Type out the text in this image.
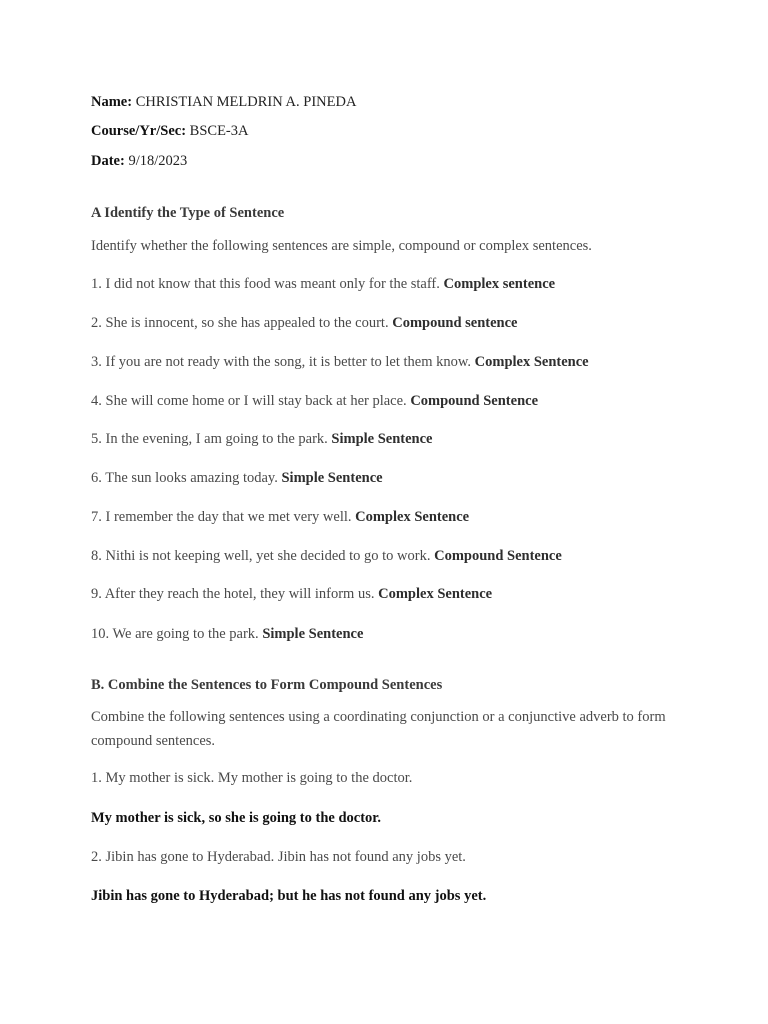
Name: CHRISTIAN MELDRIN A. PINEDA
Course/Yr/Sec: BSCE-3A
Date: 9/18/2023
A Identify the Type of Sentence
Identify whether the following sentences are simple, compound or complex sentences.
1. I did not know that this food was meant only for the staff. Complex sentence
2. She is innocent, so she has appealed to the court. Compound sentence
3. If you are not ready with the song, it is better to let them know. Complex Sentence
4. She will come home or I will stay back at her place. Compound Sentence
5. In the evening, I am going to the park. Simple Sentence
6. The sun looks amazing today. Simple Sentence
7. I remember the day that we met very well. Complex Sentence
8. Nithi is not keeping well, yet she decided to go to work. Compound Sentence
9. After they reach the hotel, they will inform us. Complex Sentence
10. We are going to the park. Simple Sentence
B. Combine the Sentences to Form Compound Sentences
Combine the following sentences using a coordinating conjunction or a conjunctive adverb to form compound sentences.
1. My mother is sick. My mother is going to the doctor.
My mother is sick, so she is going to the doctor.
2. Jibin has gone to Hyderabad. Jibin has not found any jobs yet.
Jibin has gone to Hyderabad; but he has not found any jobs yet.
